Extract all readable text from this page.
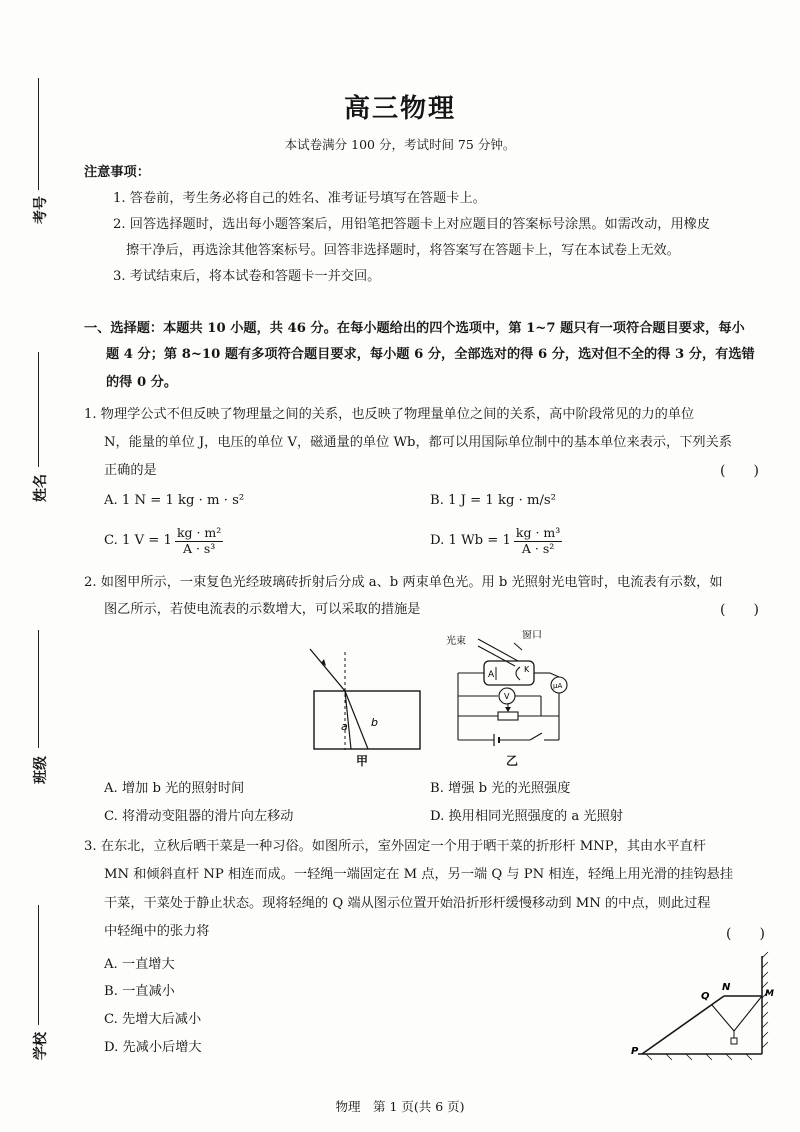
考号
姓名
班级
学校
高三物理
本试卷满分 100 分，考试时间 75 分钟。
注意事项：
1. 答卷前，考生务必将自己的姓名、准考证号填写在答题卡上。
2. 回答选择题时，选出每小题答案后，用铅笔把答题卡上对应题目的答案标号涂黑。如需改动，用橡皮
擦干净后，再选涂其他答案标号。回答非选择题时，将答案写在答题卡上，写在本试卷上无效。
3. 考试结束后，将本试卷和答题卡一并交回。
一、选择题：本题共 10 小题，共 46 分。在每小题给出的四个选项中，第 1~7 题只有一项符合题目要求，每小
题 4 分；第 8~10 题有多项符合题目要求，每小题 6 分，全部选对的得 6 分，选对但不全的得 3 分，有选错
的得 0 分。
1. 物理学公式不但反映了物理量之间的关系，也反映了物理量单位之间的关系，高中阶段常见的力的单位
N，能量的单位 J，电压的单位 V，磁通量的单位 Wb，都可以用国际单位制中的基本单位来表示，下列关系
正确的是	(　　)
A. 1 N = 1 kg · m · s²	B. 1 J = 1 kg · m/s²
C. 1 $V = 1 \frac{\text{kg · m²}}{\text{A · s³}}$	D. 1 $Wb = 1 \frac{\text{kg · m³}}{\text{A · s²}}$
2. 如图甲所示，一束复色光经玻璃砖折射后分成 a、b 两束单色光。用 b 光照射光电管时，电流表有示数，如
图乙所示，若使电流表的示数增大，可以采取的措施是	(　　)
a b
甲
光束
窗口
A
K
μA
V
乙
A. 增加 b 光的照射时间	B. 增强 b 光的光照强度
C. 将滑动变阻器的滑片向左移动	D. 换用相同光照强度的 a 光照射
3. 在东北，立秋后晒干菜是一种习俗。如图所示，室外固定一个用于晒干菜的折形杆 MNP，其由水平直杆
MN 和倾斜直杆 NP 相连而成。一轻绳一端固定在 M 点，另一端 Q 与 PN 相连，轻绳上用光滑的挂钩悬挂
干菜，干菜处于静止状态。现将轻绳的 Q 端从图示位置开始沿折形杆缓慢移动到 MN 的中点，则此过程
中轻绳中的张力将	(　　)
A. 一直增大
B. 一直减小
C. 先增大后减小
D. 先减小后增大
Q
N
M
P
物理　第 1 页(共 6 页)
